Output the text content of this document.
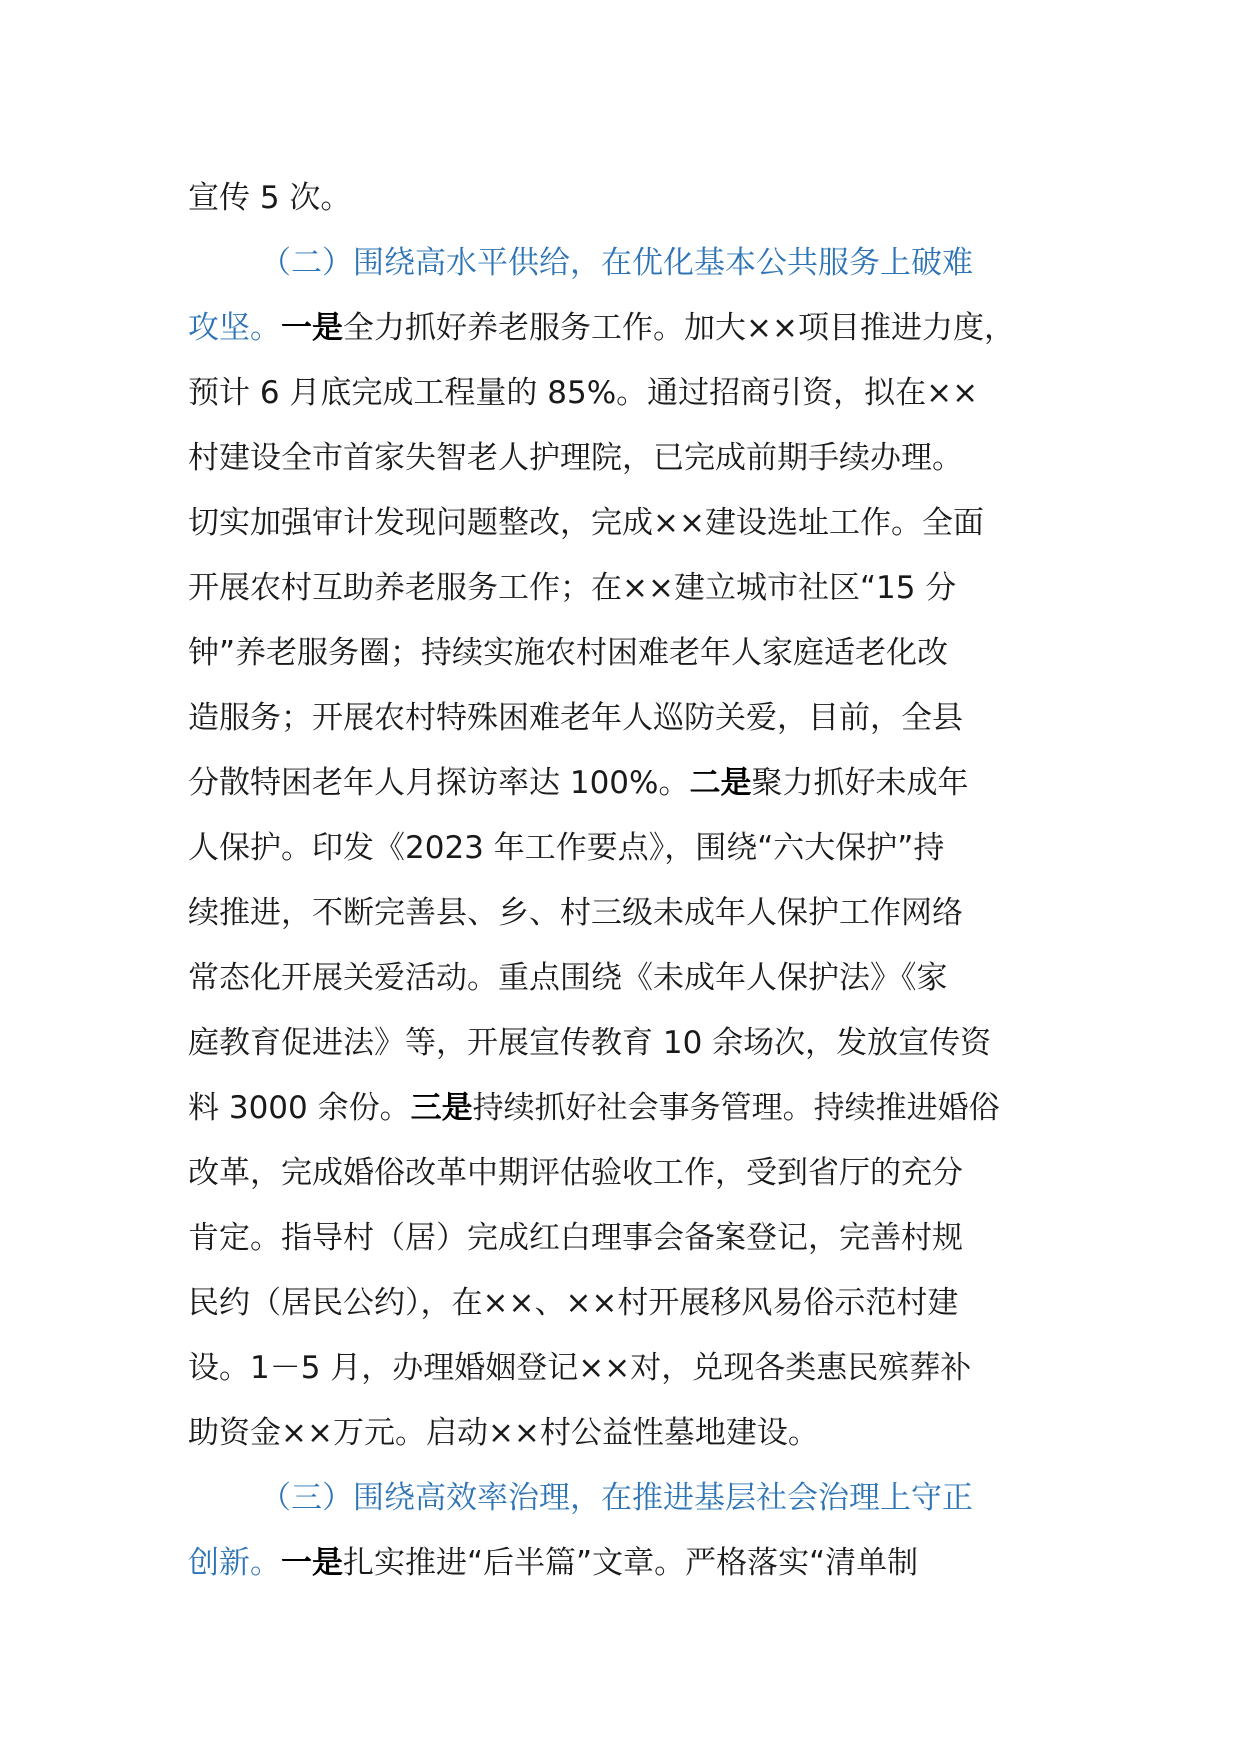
宣传 5 次。
（二）围绕高水平供给，在优化基本公共服务上破难
攻坚。一是全力抓好养老服务工作。加大××项目推进力度，
预计 6 月底完成工程量的 85%。通过招商引资，拟在××
村建设全市首家失智老人护理院，已完成前期手续办理。
切实加强审计发现问题整改，完成××建设选址工作。全面
开展农村互助养老服务工作；在××建立城市社区“15 分
钟”养老服务圈；持续实施农村困难老年人家庭适老化改
造服务；开展农村特殊困难老年人巡防关爱，目前，全县
分散特困老年人月探访率达 100%。二是聚力抓好未成年
人保护。印发《2023 年工作要点》，围绕“六大保护”持
续推进，不断完善县、乡、村三级未成年人保护工作网络
常态化开展关爱活动。重点围绕《未成年人保护法》《家
庭教育促进法》等，开展宣传教育 10 余场次，发放宣传资
料 3000 余份。三是持续抓好社会事务管理。持续推进婚俗
改革，完成婚俗改革中期评估验收工作，受到省厅的充分
肯定。指导村（居）完成红白理事会备案登记，完善村规
民约（居民公约），在××、××村开展移风易俗示范村建
设。1－5 月，办理婚姻登记××对，兑现各类惠民殡葬补
助资金××万元。启动××村公益性墓地建设。
（三）围绕高效率治理，在推进基层社会治理上守正
创新。一是扎实推进“后半篇”文章。严格落实“清单制
